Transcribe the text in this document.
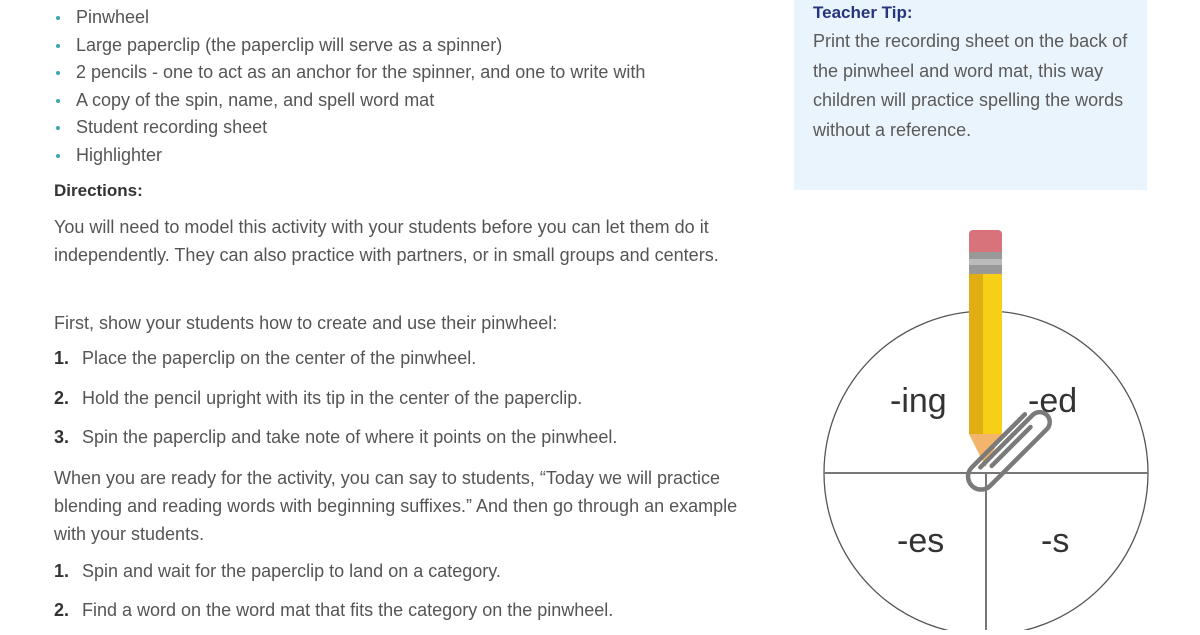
Pinwheel
Large paperclip (the paperclip will serve as a spinner)
2 pencils - one to act as an anchor for the spinner, and one to write with
A copy of the spin, name, and spell word mat
Student recording sheet
Highlighter
Directions:
You will need to model this activity with your students before you can let them do it independently. They can also practice with partners, or in small groups and centers.
First, show your students how to create and use their pinwheel:
1. Place the paperclip on the center of the pinwheel.
2. Hold the pencil upright with its tip in the center of the paperclip.
3. Spin the paperclip and take note of where it points on the pinwheel.
When you are ready for the activity, you can say to students, “Today we will practice blending and reading words with beginning suffixes.” And then go through an example with your students.
1. Spin and wait for the paperclip to land on a category.
2. Find a word on the word mat that fits the category on the pinwheel.
Teacher Tip:
Print the recording sheet on the back of the pinwheel and word mat, this way children will practice spelling the words without a reference.
-ing -ed
-es	-s
